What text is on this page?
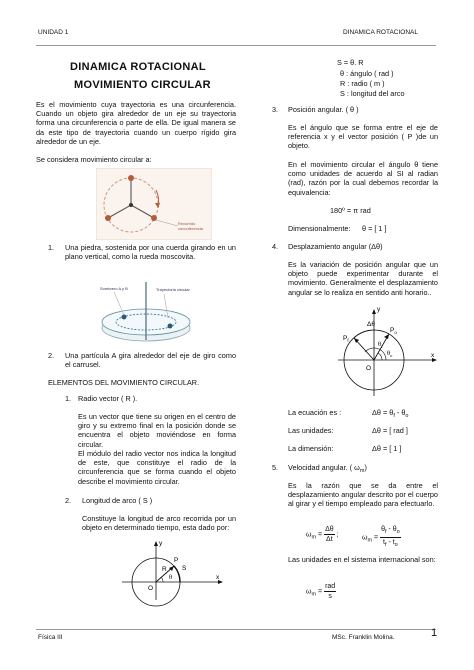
UNIDAD 1	DINAMICA ROTACIONAL
DINAMICA ROTACIONAL
MOVIMIENTO CIRCULAR
Es el movimiento cuya trayectoria es una circunferencia. Cuando un objeto gira alrededor de un eje su trayectoria forma una circunferencia o parte de ella. De igual manera se da este tipo de trayectoria cuando un cuerpo rígido gira alrededor de un eje.
Se considera movimiento circular a:
Recorrido
circunferencia
1. Una piedra, sostenida por una cuerda girando en un plano vertical, como la rueda moscovita.
Sombrero A y B	Trayectoria circular
2. Una partícula A gira alrededor del eje de giro como el carrusel.
ELEMENTOS DEL MOVIMIENTO CIRCULAR.
1. Radio vector ( R ).
Es un vector que tiene su origen en el centro de giro y su extremo final en la posición donde se encuentra el objeto moviéndose en forma circular.
El módulo del radio vector nos indica la longitud de este, que constituye el radio de la circunferencia que se forma cuando el objeto describe el movimiento circular.
2. Longitud de arco ( S )
Constituye la longitud de arco recorrida por un objeto en determinado tiempo, esta dado por:
y
x
P
R S
θ
O
S = θ. R
θ : ángulo ( rad )
R : radio ( m )
S : longitud del arco
3. Posición angular. ( θ )
Es el ángulo que se forma entre el eje de referencia x y el vector posición ( P )de un objeto.
En el movimiento circular el ángulo θ tiene como unidades de acuerdo al SI al radian (rad), razón por la cual debemos recordar la equivalencia:
180º = π rad
Dimensionalmente: θ = [ 1 ]
4. Desplazamiento angular (Δθ)
Es la variación de posición angular que un objeto puede experimentar durante el movimiento. Generalmente el desplazamiento angular se lo realiza en sentido anti horario..
Δθ
y
x
$P_o$
$P_f$
$\theta_f$
$\theta_o$
O
La ecuación es :	$\Delta\theta = \theta_f - \theta_o$
Las unidades:	Δθ = [ rad ]
La dimensión:	Δθ = [ 1 ]
5. Velocidad angular. ( $\omega_m$)
Es la razón que se da entre el desplazamiento angular descrito por el cuerpo al girar y el tiempo empleado para efectuarlo.
$\omega_m = \frac{\Delta\theta}{\Delta t}$ ;	$\omega_m = \frac{\theta_f - \theta_o}{t_f - t_o}$
Las unidades en el sistema internacional son:
$\omega_m = \frac{\text{rad}}{s}$
Física III	MSc. Franklin Molina.	1
